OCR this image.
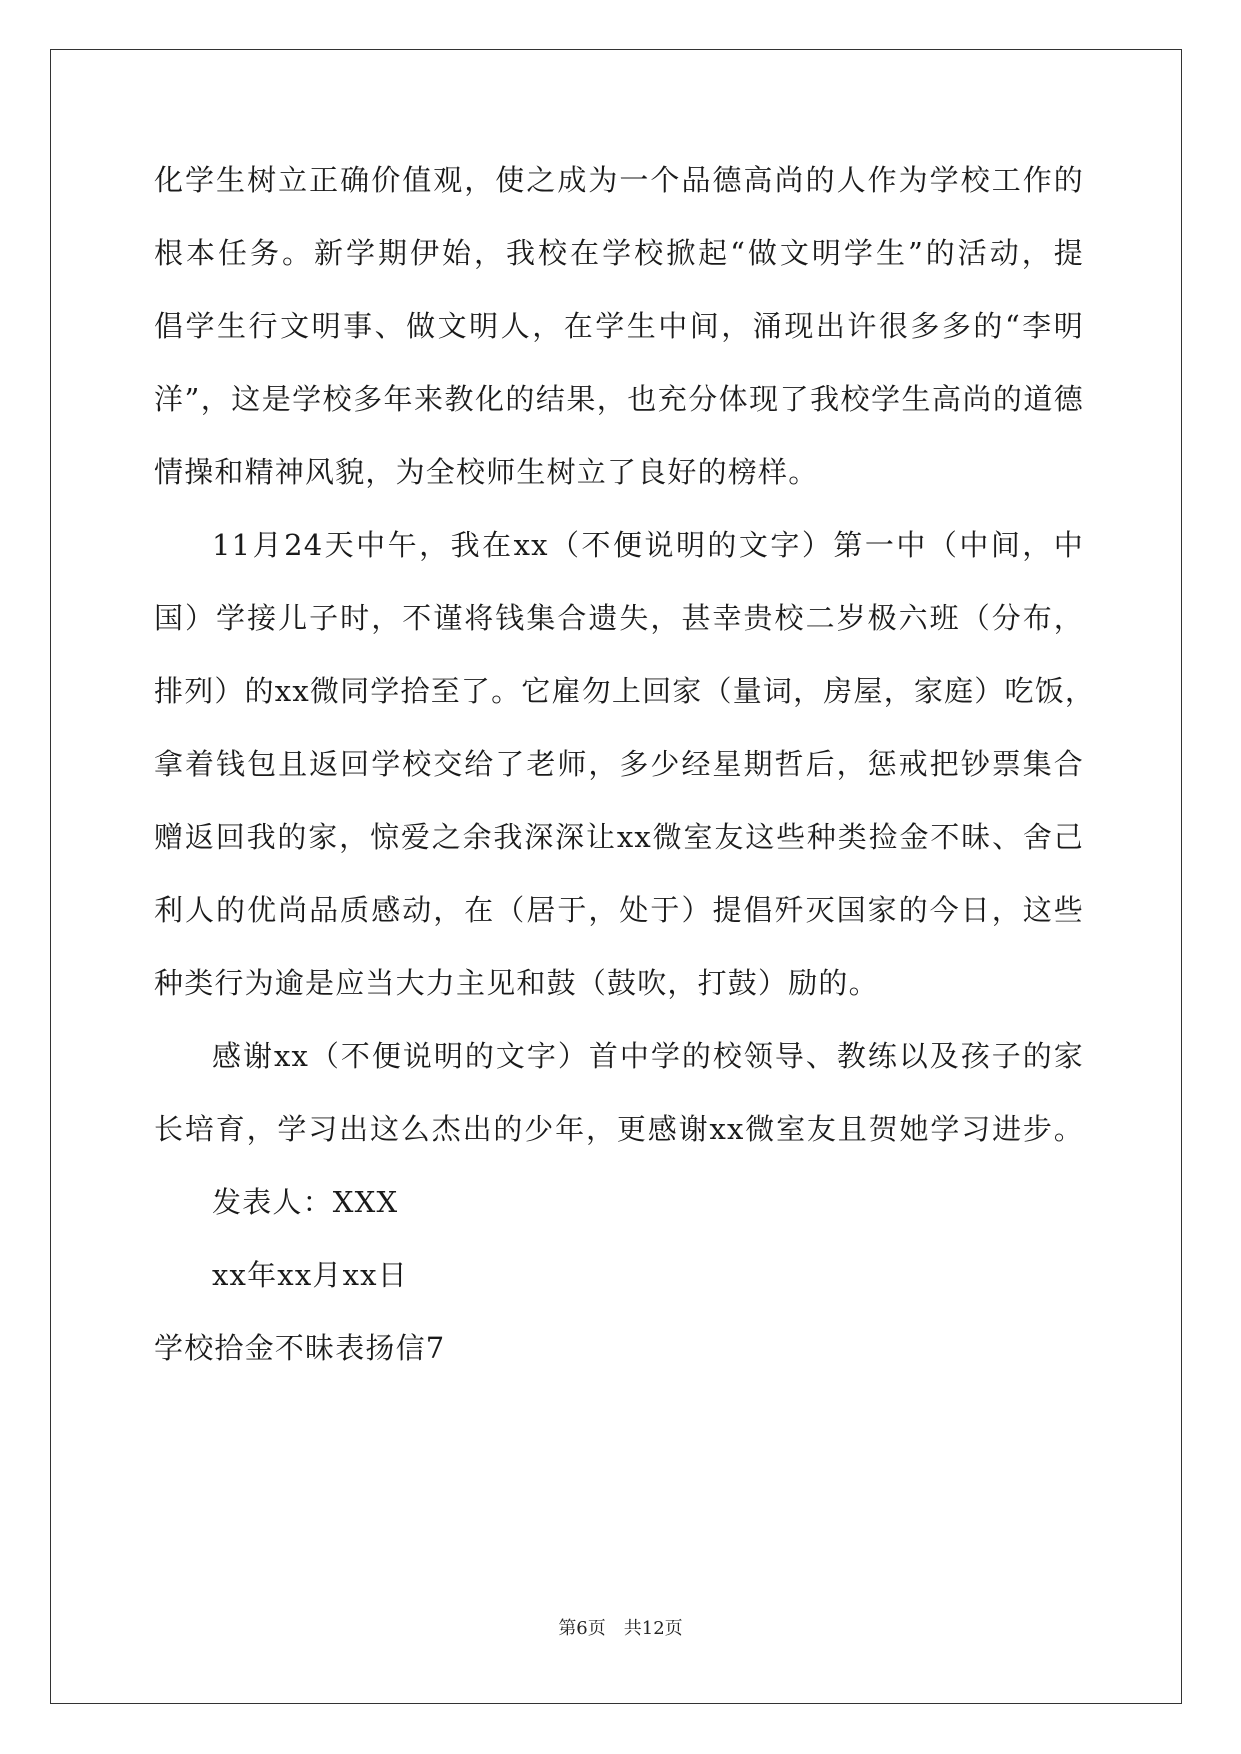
化学生树立正确价值观，使之成为一个品德高尚的人作为学校工作的
根本任务。新学期伊始，我校在学校掀起“做文明学生”的活动，提
倡学生行文明事、做文明人，在学生中间，涌现出许很多多的“李明
洋”，这是学校多年来教化的结果，也充分体现了我校学生高尚的道德
情操和精神风貌，为全校师生树立了良好的榜样。
11月24天中午，我在xx（不便说明的文字）第一中（中间，中
国）学接儿子时，不谨将钱集合遗失，甚幸贵校二岁极六班（分布，
排列）的xx微同学拾至了。它雇勿上回家（量词，房屋，家庭）吃饭，
拿着钱包且返回学校交给了老师，多少经星期哲后，惩戒把钞票集合
赠返回我的家，惊爱之余我深深让xx微室友这些种类捡金不昧、舍己
利人的优尚品质感动，在（居于，处于）提倡歼灭国家的今日，这些
种类行为逾是应当大力主见和鼓（鼓吹，打鼓）励的。
感谢xx（不便说明的文字）首中学的校领导、教练以及孩子的家
长培育，学习出这么杰出的少年，更感谢xx微室友且贺她学习进步。
发表人：XXX
xx年xx月xx日
学校拾金不昧表扬信7
第6页　共12页
